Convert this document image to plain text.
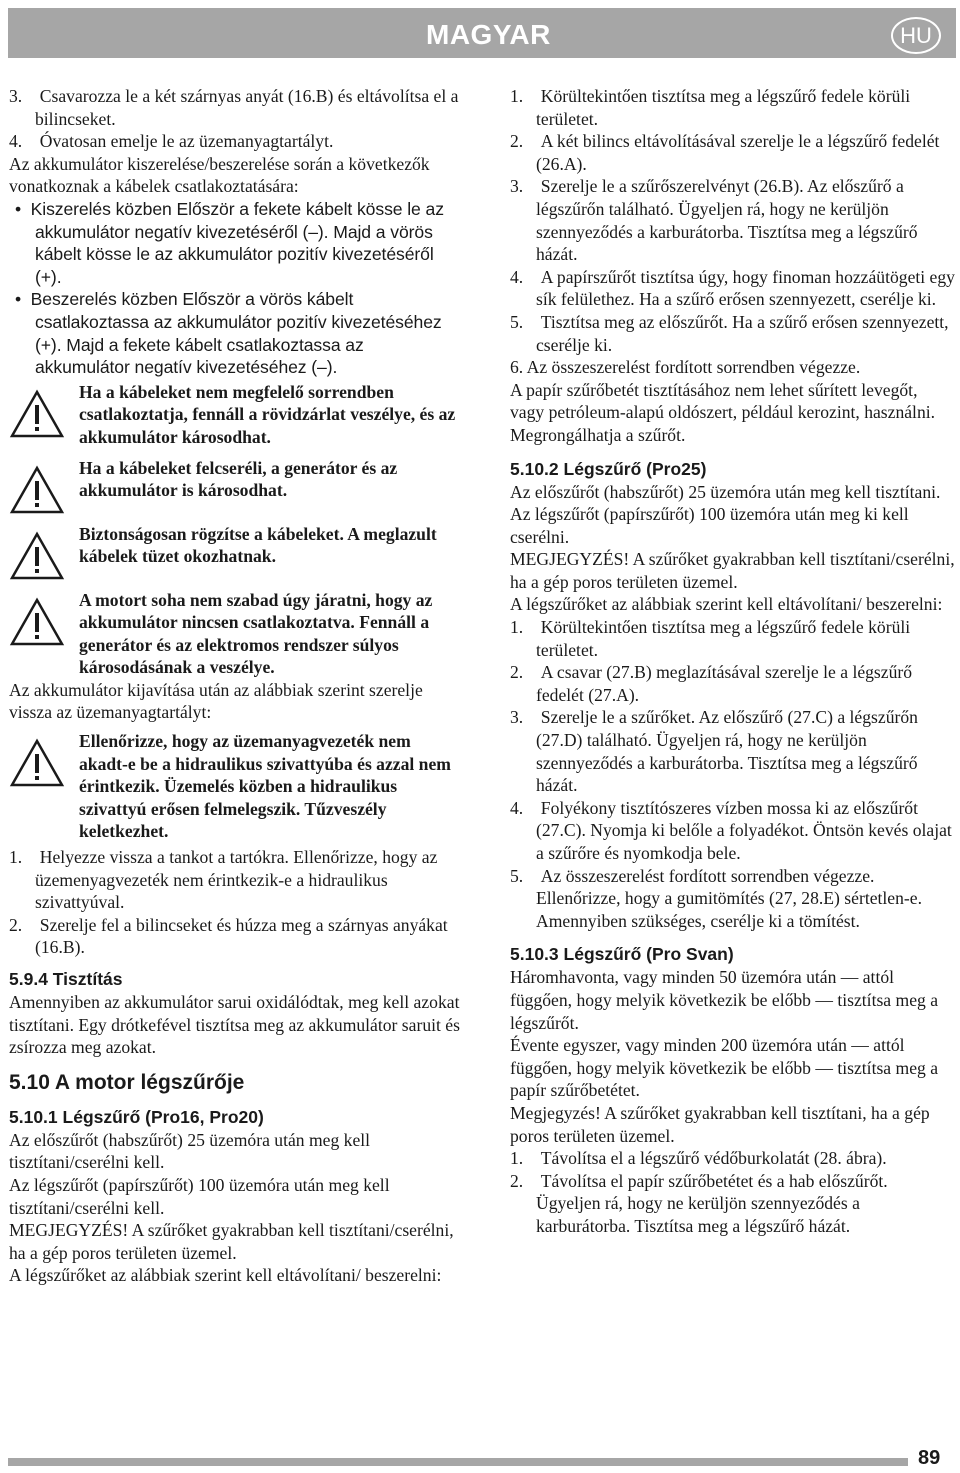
MAGYAR	HU

3. Csavarozza le a két szárnyas anyát (16.B) és eltávolítsa el a bilincseket.

4. Óvatosan emelje le az üzemanyagtartályt.

Az akkumulátor kiszerelése/beszerelése során a következők vonatkoznak a kábelek csatlakoztatására:

•  Kiszerelés közben Először a fekete kábelt kösse le az akkumulátor negatív kivezetéséről (–). Majd a vörös kábelt kösse le az akkumulátor pozitív kivezetéséről (+).

•  Beszerelés közben Először a vörös kábelt csatlakoztassa az akkumulátor pozitív kivezetéséhez (+). Majd a fekete kábelt csatlakoztassa az akkumulátor negatív kivezetéséhez (–).

Ha a kábeleket nem megfelelő sorrendben csatlakoztatja, fennáll a rövidzárlat veszélye, és az akkumulátor károsodhat.

Ha a kábeleket felcseréli, a generátor és az akkumulátor is károsodhat.

Biztonságosan rögzítse a kábeleket. A meglazult kábelek tüzet okozhatnak.

A motort soha nem szabad úgy járatni, hogy az akkumulátor nincsen csatlakoztatva. Fennáll a generátor és az elektromos rendszer súlyos károsodásának a veszélye.

Az akkumulátor kijavítása után az alábbiak szerint szerelje vissza az üzemanyagtartályt:

Ellenőrizze, hogy az üzemanyagvezeték nem akadt-e be a hidraulikus szivattyúba és azzal nem érintkezik. Üzemelés közben a hidraulikus szivattyú erősen felmelegszik. Tűzveszély keletkezhet.

1. Helyezze vissza a tankot a tartókra. Ellenőrizze, hogy az üzemenyagvezeték nem érintkezik-e a hidraulikus szivattyúval.

2. Szerelje fel a bilincseket és húzza meg a szárnyas anyákat (16.B).

5.9.4 Tisztítás

Amennyiben az akkumulátor sarui oxidálódtak, meg kell azokat tisztítani. Egy drótkefével tisztítsa meg az akkumulátor saruit és zsírozza meg azokat.

5.10 A motor légszűrője
5.10.1 Légszűrő (Pro16, Pro20)

Az előszűrőt (habszűrőt) 25 üzemóra után meg kell tisztítani/cserélni kell.

Az légszűrőt (papírszűrőt) 100 üzemóra után meg kell tisztítani/cserélni kell.

MEGJEGYZÉS! A szűrőket gyakrabban kell tisztítani/cserélni, ha a gép poros területen üzemel.

A légszűrőket az alábbiak szerint kell eltávolítani/ beszerelni:

1. Körültekintően tisztítsa meg a légszűrő fedele körüli területet.

2. A két bilincs eltávolításával szerelje le a légszűrő fedelét (26.A).

3. Szerelje le a szűrőszerelvényt (26.B). Az előszűrő a légszűrőn található. Ügyeljen rá, hogy ne kerüljön szennyeződés a karburátorba. Tisztítsa meg a légszűrő házát.

4. A papírszűrőt tisztítsa úgy, hogy finoman hozzáütögeti egy sík felülethez. Ha a szűrő erősen szennyezett, cserélje ki.

5. Tisztítsa meg az előszűrőt. Ha a szűrő erősen szennyezett, cserélje ki.

6. Az összeszerelést fordított sorrendben végezze.

A papír szűrőbetét tisztításához nem lehet sűrített levegőt, vagy petróleum-alapú oldószert, például kerozint, használni. Megrongálhatja a szűrőt.

5.10.2 Légszűrő (Pro25)

Az előszűrőt (habszűrőt) 25 üzemóra után meg kell tisztítani.

Az légszűrőt (papírszűrőt) 100 üzemóra után meg ki kell cserélni.

MEGJEGYZÉS! A szűrőket gyakrabban kell tisztítani/cserélni, ha a gép poros területen üzemel.

A légszűrőket az alábbiak szerint kell eltávolítani/ beszerelni:

1. Körültekintően tisztítsa meg a légszűrő fedele körüli területet.

2. A csavar (27.B) meglazításával szerelje le a légszűrő fedelét (27.A).

3. Szerelje le a szűrőket. Az előszűrő (27.C) a légszűrőn (27.D) található. Ügyeljen rá, hogy ne kerüljön szennyeződés a karburátorba. Tisztítsa meg a légszűrő házát.

4. Folyékony tisztítószeres vízben mossa ki az előszűrőt (27.C). Nyomja ki belőle a folyadékot. Öntsön kevés olajat a szűrőre és nyomkodja bele.

5. Az összeszerelést fordított sorrendben végezze. Ellenőrizze, hogy a gumitömítés (27, 28.E) sértetlen-e. Amennyiben szükséges, cserélje ki a tömítést.

5.10.3 Légszűrő (Pro Svan)

Háromhavonta, vagy minden 50 üzemóra után — attól függően, hogy melyik következik be előbb — tisztítsa meg a légszűrőt.

Évente egyszer, vagy minden 200 üzemóra után — attól függően, hogy melyik következik be előbb — tisztítsa meg a papír szűrőbetétet.

Megjegyzés! A szűrőket gyakrabban kell tisztítani, ha a gép poros területen üzemel.

1. Távolítsa el a légszűrő védőburkolatát (28. ábra).

2. Távolítsa el papír szűrőbetétet és a hab előszűrőt. Ügyeljen rá, hogy ne kerüljön szennyeződés a karburátorba. Tisztítsa meg a légszűrő házát.

89
